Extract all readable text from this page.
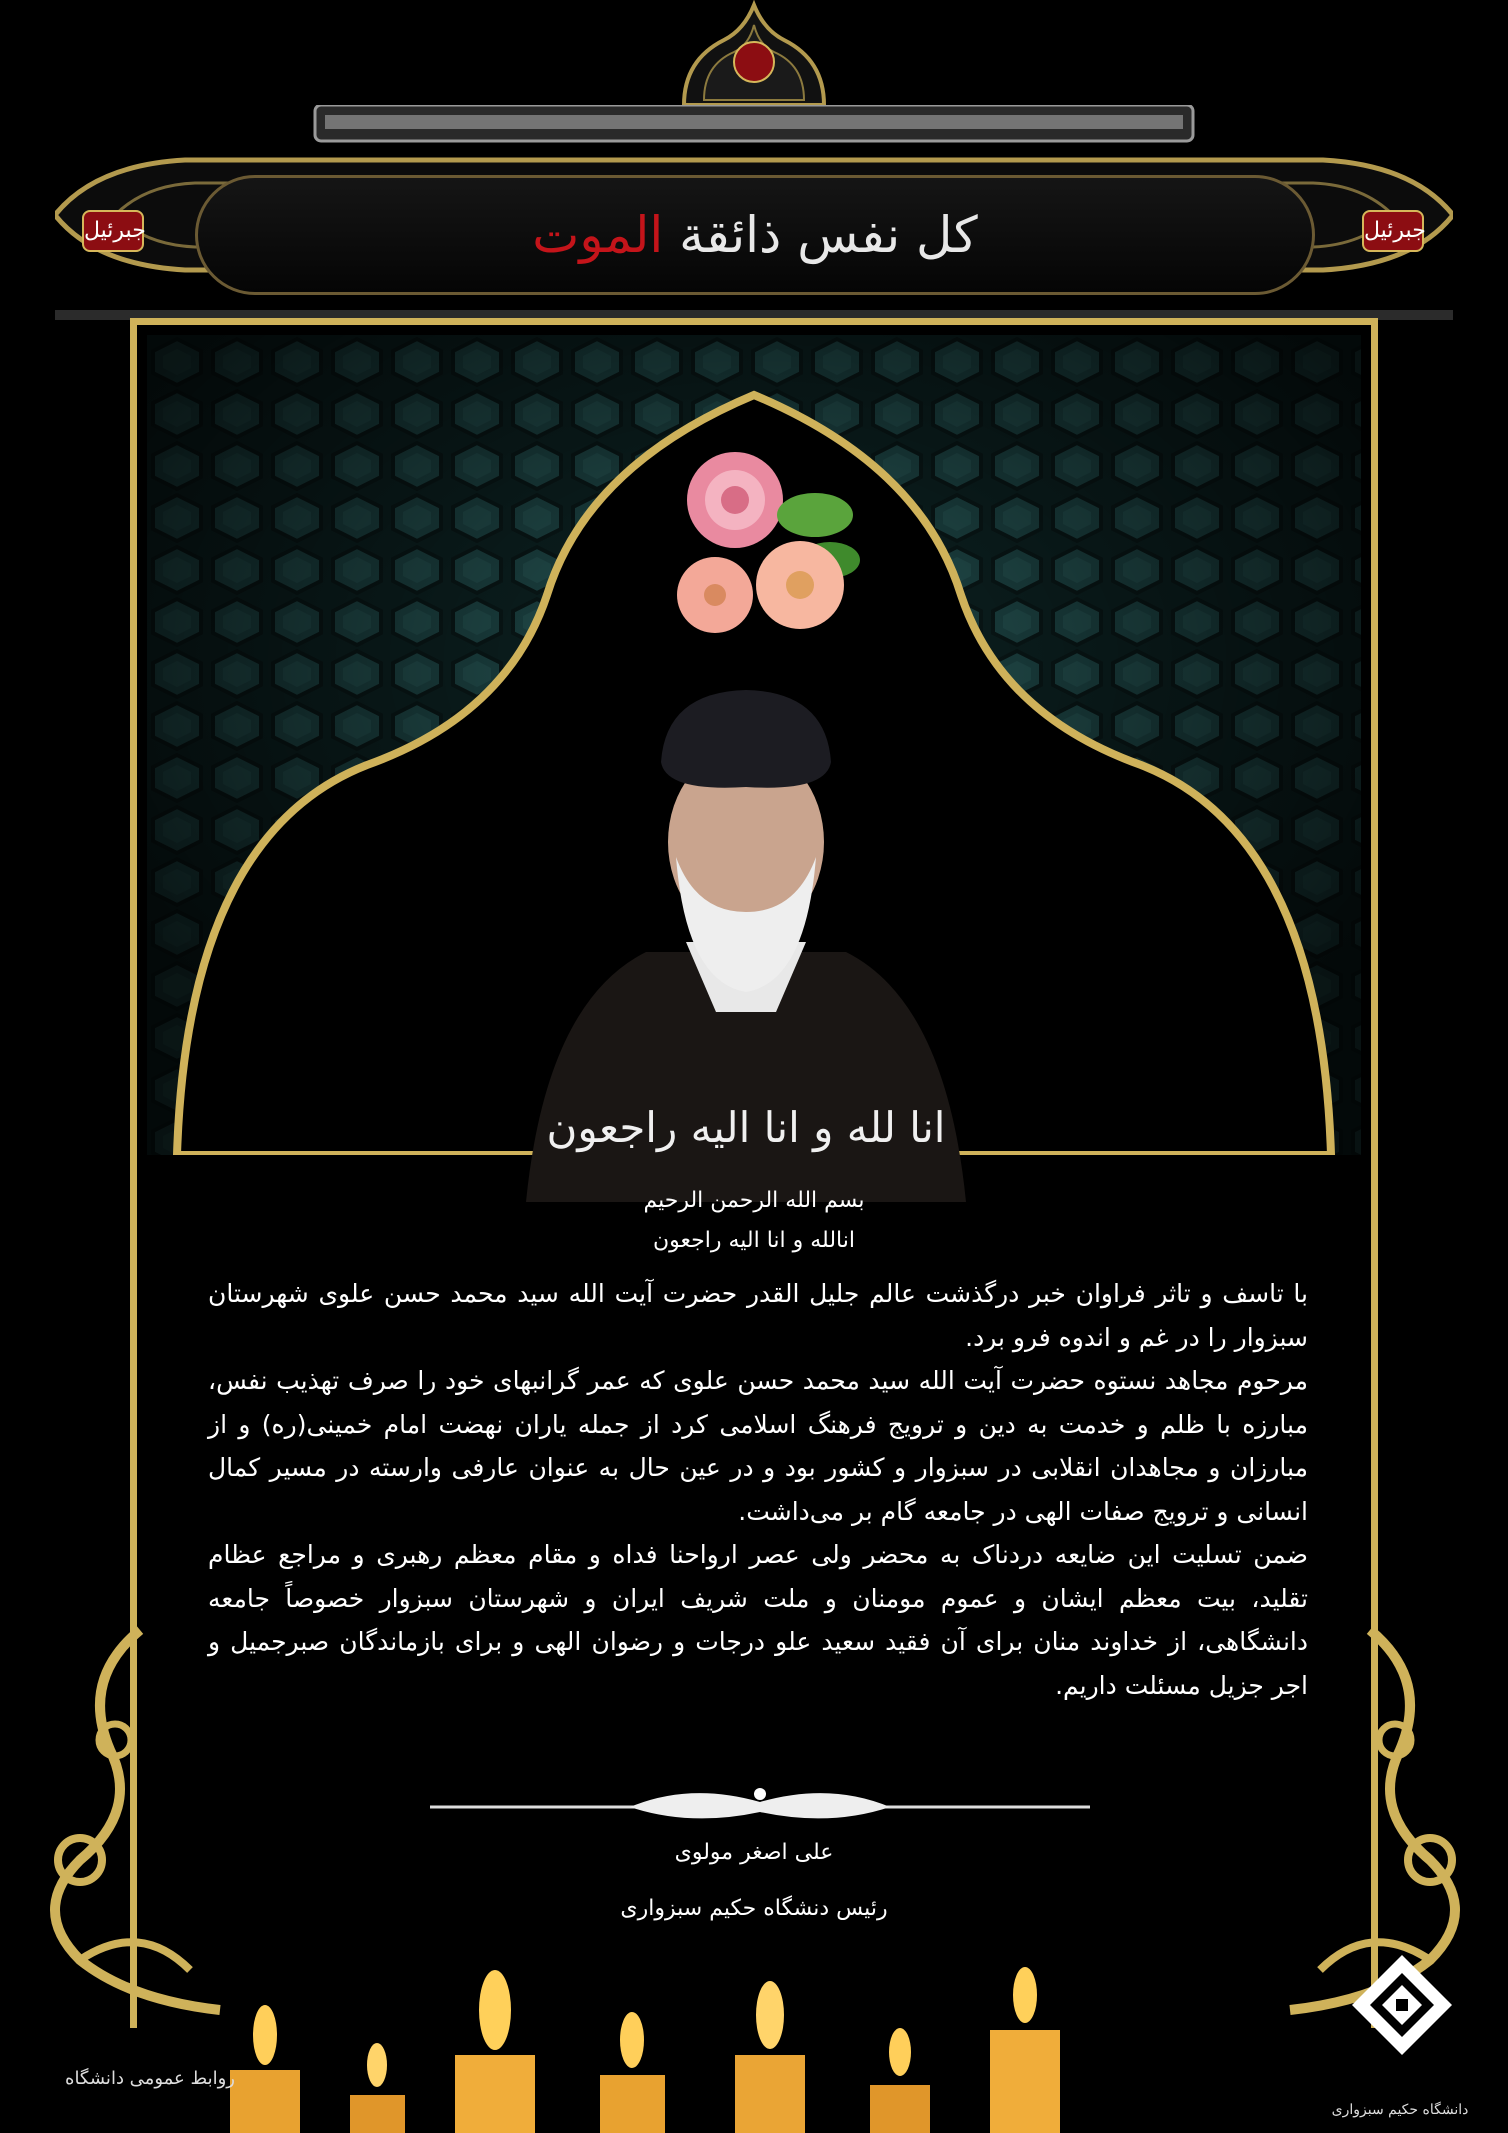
کل نفس ذائقة الموت
جبرئیل	جبرئیل
انا لله و انا الیه راجعون
بسم الله الرحمن الرحیم
انالله و انا الیه راجعون

با تاسف و تاثر فراوان خبر درگذشت عالم جلیل القدر حضرت آیت الله سید محمد حسن علوی شهرستان سبزوار را در غم و اندوه فرو برد.

مرحوم مجاهد نستوه حضرت آیت الله سید محمد حسن علوی که عمر گرانبهای خود را صرف تهذیب نفس، مبارزه با ظلم و خدمت به دین و ترویج فرهنگ اسلامی کرد از جمله یاران نهضت امام خمینی(ره) و از مبارزان و مجاهدان انقلابی در سبزوار و کشور بود و در عین حال به عنوان عارفی وارسته در مسیر کمال انسانی و ترویج صفات الهی در جامعه گام بر می‌داشت.

ضمن تسلیت این ضایعه دردناک به محضر ولی عصر ارواحنا فداه و مقام معظم رهبری و مراجع عظام تقلید، بیت معظم ایشان و عموم مومنان و ملت شریف ایران و شهرستان سبزوار خصوصاً جامعه دانشگاهی، از خداوند منان برای آن فقید سعید علو درجات و رضوان الهی و برای بازماندگان صبرجمیل و اجر جزیل مسئلت داریم.

علی اصغر مولوی
رئیس دنشگاه حکیم سبزواری
روابط عمومی دانشگاه
دانشگاه حکیم سبزواری
